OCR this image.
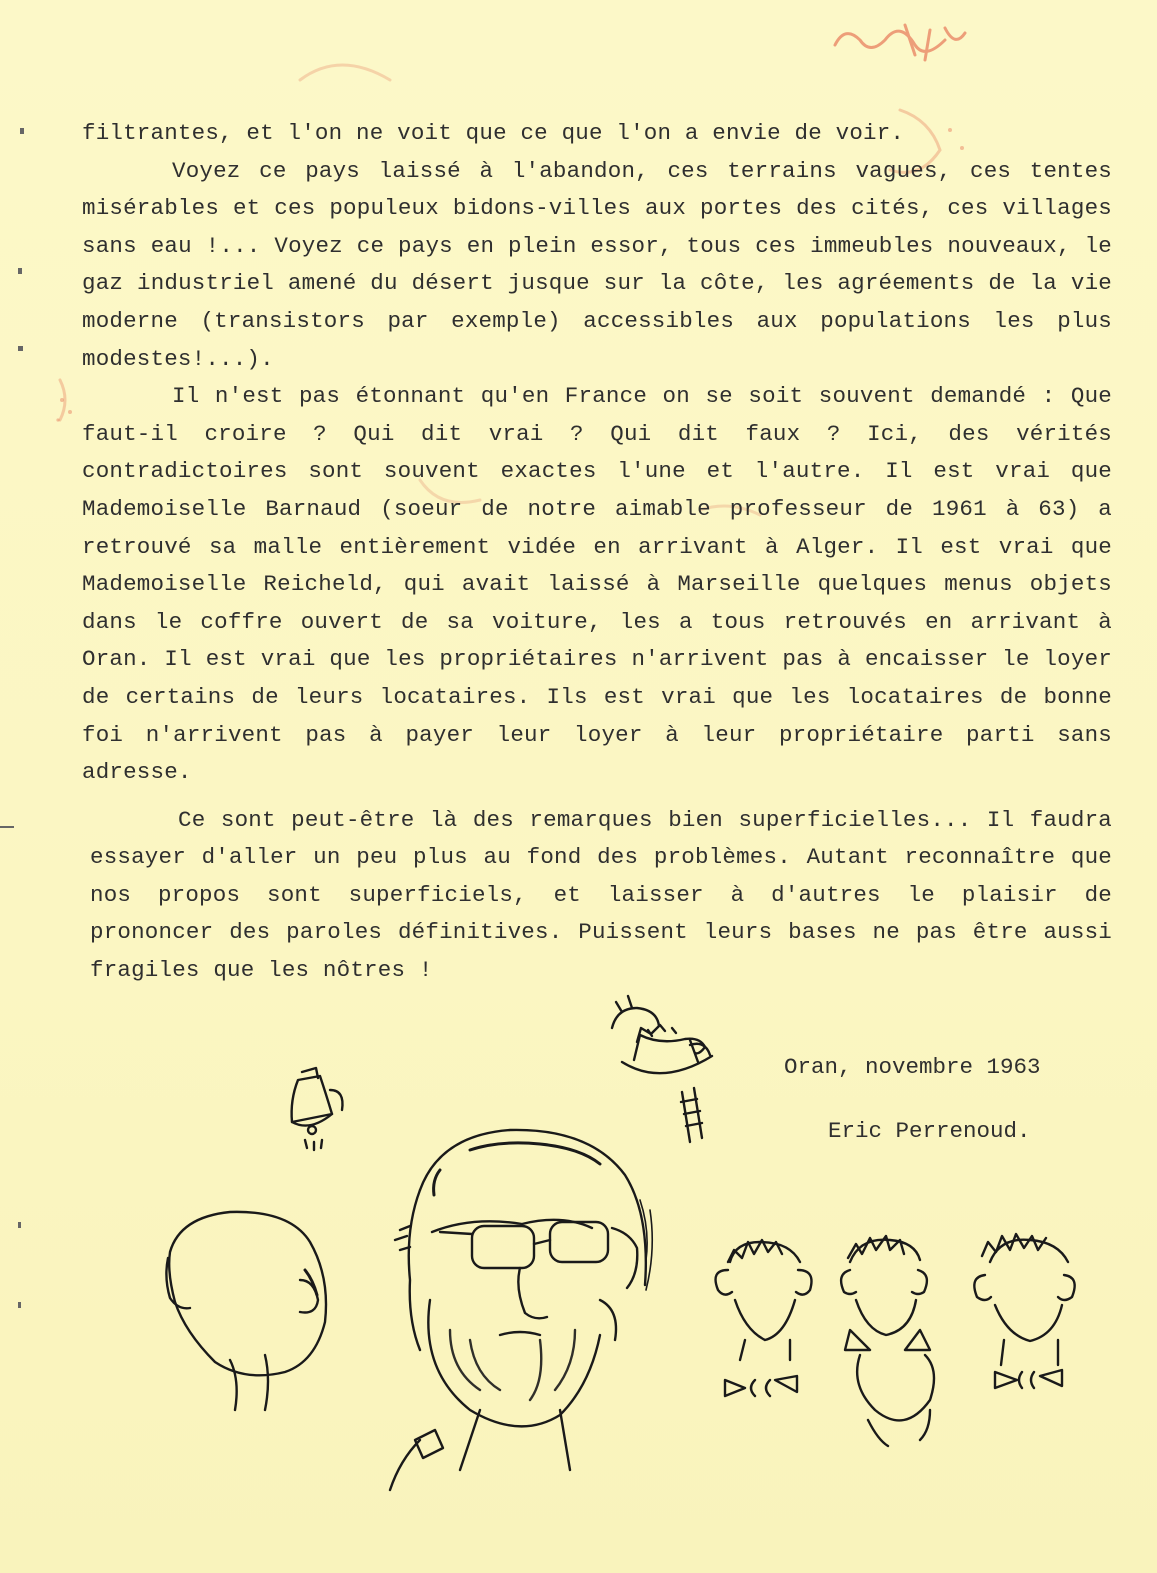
filtrantes, et l'on ne voit que ce que l'on a envie de voir.

Voyez ce pays laissé à l'abandon, ces terrains vagues, ces tentes misérables et ces populeux bidons-villes aux portes des cités, ces villages sans eau !... Voyez ce pays en plein essor, tous ces immeubles nouveaux, le gaz industriel amené du désert jusque sur la côte, les agréements de la vie moderne (transistors par exemple) accessibles aux populations les plus modestes!...).

Il n'est pas étonnant qu'en France on se soit souvent demandé : Que faut-il croire ? Qui dit vrai ? Qui dit faux ? Ici, des vérités contradictoires sont souvent exactes l'une et l'autre. Il est vrai que Mademoiselle Barnaud (soeur de notre aimable professeur de 1961 à 63) a retrouvé sa malle entièrement vidée en arrivant à Alger. Il est vrai que Mademoiselle Reicheld, qui avait laissé à Marseille quelques menus objets dans le coffre ouvert de sa voiture, les a tous retrouvés en arrivant à Oran. Il est vrai que les propriétaires n'arrivent pas à encaisser le loyer de certains de leurs locataires. Ils est vrai que les locataires de bonne foi n'arrivent pas à payer leur loyer à leur propriétaire parti sans adresse.

Ce sont peut-être là des remarques bien superficielles... Il faudra essayer d'aller un peu plus au fond des problèmes. Autant reconnaître que nos propos sont superficiels, et laisser à d'autres le plaisir de prononcer des paroles définitives. Puissent leurs bases ne pas être aussi fragiles que les nôtres !

Oran, novembre 1963
Eric Perrenoud.
